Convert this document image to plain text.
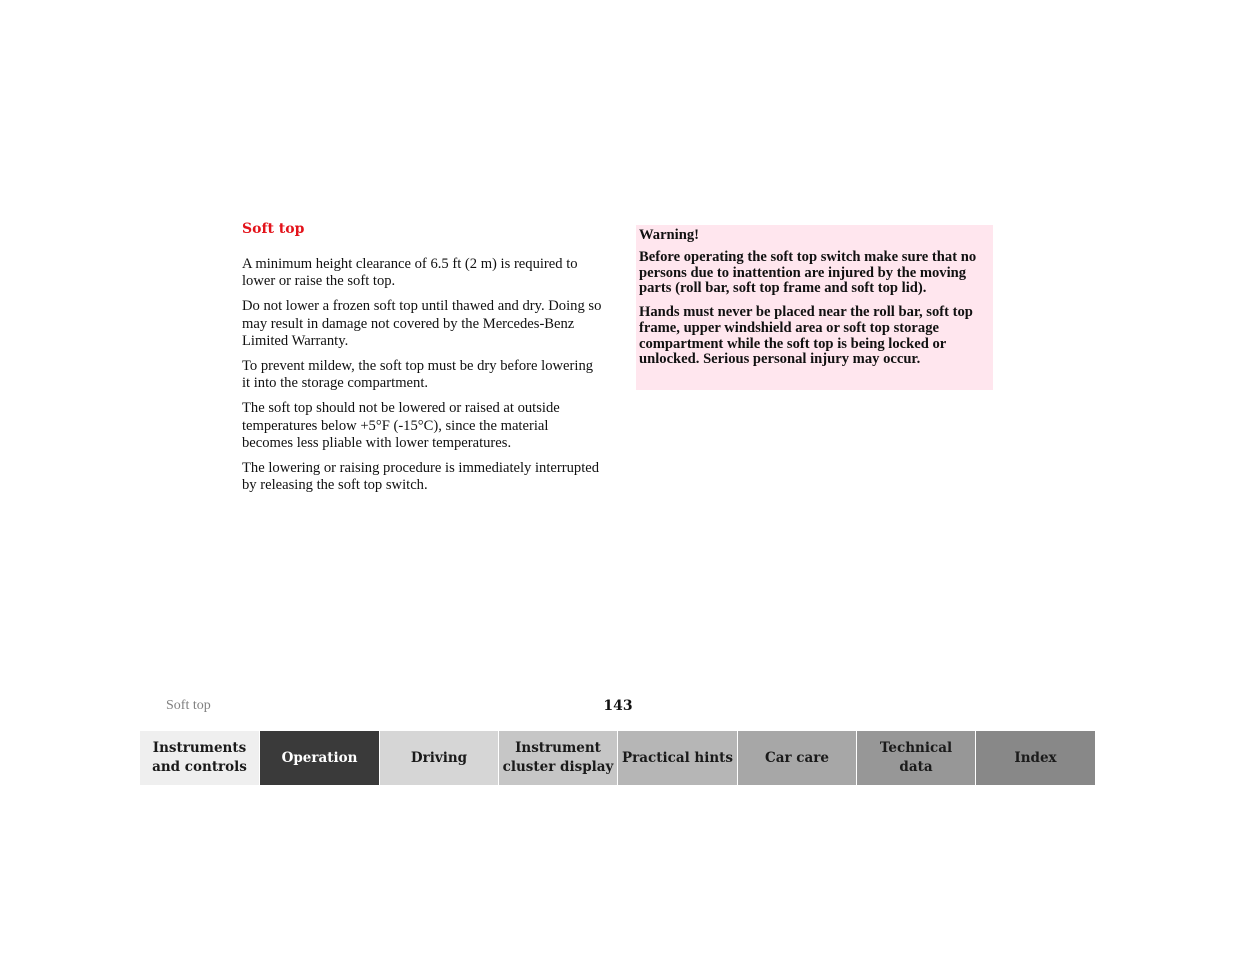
Soft top

A minimum height clearance of 6.5 ft (2 m) is required to lower or raise the soft top.

Do not lower a frozen soft top until thawed and dry. Doing so may result in damage not covered by the Mercedes-Benz Limited Warranty.

To prevent mildew, the soft top must be dry before lowering it into the storage compartment.

The soft top should not be lowered or raised at outside temperatures below +5°F (-15°C), since the material becomes less pliable with lower temperatures.

The lowering or raising procedure is immediately interrupted by releasing the soft top switch.

Warning!

Before operating the soft top switch make sure that no persons due to inattention are injured by the moving parts (roll bar, soft top frame and soft top lid).

Hands must never be placed near the roll bar, soft top frame, upper windshield area or soft top storage compartment while the soft top is being locked or unlocked. Serious personal injury may occur.

Soft top	143
Instruments
and controls
Operation	Driving
Instrument
cluster display
Practical hints	Car care
Technical
data
Index
